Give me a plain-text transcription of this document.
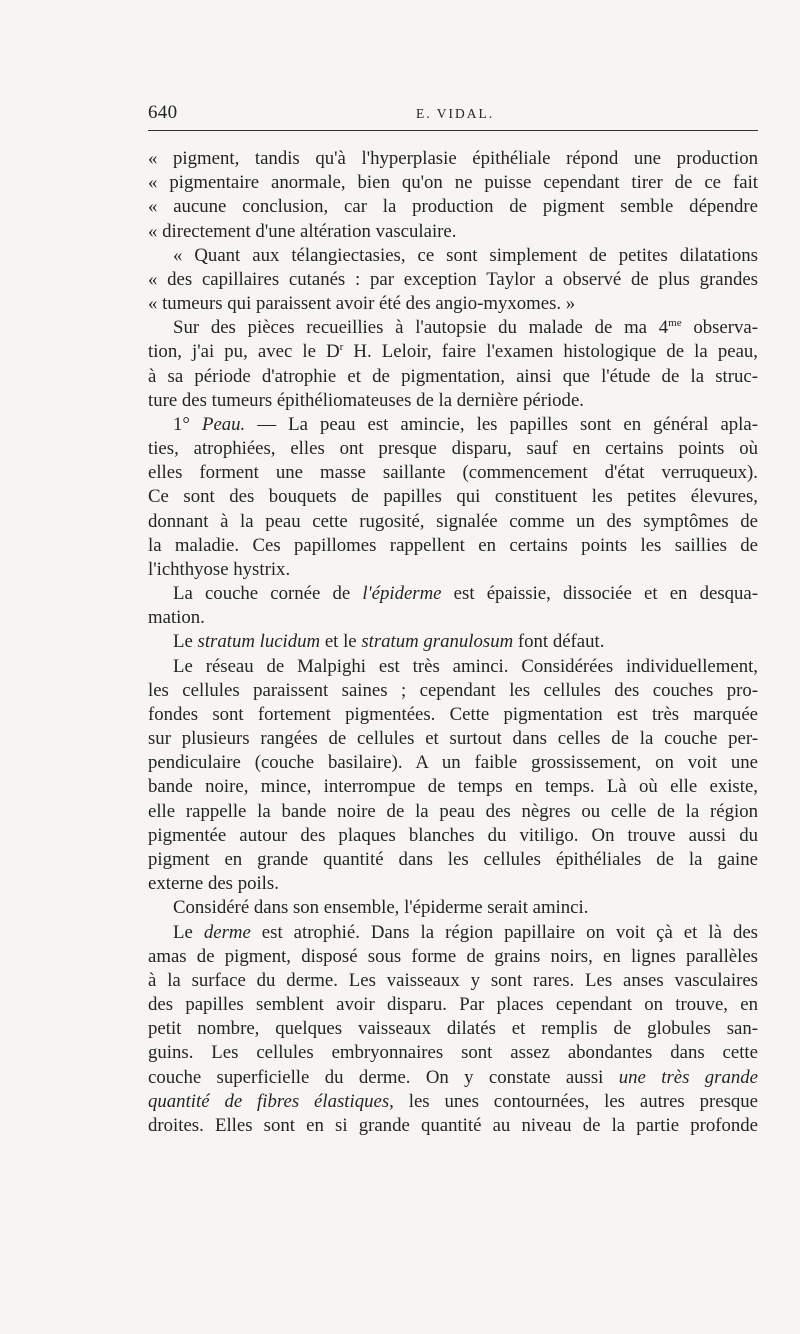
640	E. VIDAL.
« pigment, tandis qu'à l'hyperplasie épithéliale répond une production
« pigmentaire anormale, bien qu'on ne puisse cependant tirer de ce fait
« aucune conclusion, car la production de pigment semble dépendre
« directement d'une altération vasculaire.
« Quant aux télangiectasies, ce sont simplement de petites dilatations
« des capillaires cutanés : par exception Taylor a observé de plus grandes
« tumeurs qui paraissent avoir été des angio-myxomes. »
Sur des pièces recueillies à l'autopsie du malade de ma $4^{me}$ observa-
tion, j'ai pu, avec le $D^r$ H. Leloir, faire l'examen histologique de la peau,
à sa période d'atrophie et de pigmentation, ainsi que l'étude de la struc-
ture des tumeurs épithéliomateuses de la dernière période.
1° Peau. — La peau est amincie, les papilles sont en général apla-
ties, atrophiées, elles ont presque disparu, sauf en certains points où
elles forment une masse saillante (commencement d'état verruqueux).
Ce sont des bouquets de papilles qui constituent les petites élevures,
donnant à la peau cette rugosité, signalée comme un des symptômes de
la maladie. Ces papillomes rappellent en certains points les saillies de
l'ichthyose hystrix.
La couche cornée de l'épiderme est épaissie, dissociée et en desqua-
mation.
Le stratum lucidum et le stratum granulosum font défaut.
Le réseau de Malpighi est très aminci. Considérées individuellement,
les cellules paraissent saines ; cependant les cellules des couches pro-
fondes sont fortement pigmentées. Cette pigmentation est très marquée
sur plusieurs rangées de cellules et surtout dans celles de la couche per-
pendiculaire (couche basilaire). A un faible grossissement, on voit une
bande noire, mince, interrompue de temps en temps. Là où elle existe,
elle rappelle la bande noire de la peau des nègres ou celle de la région
pigmentée autour des plaques blanches du vitiligo. On trouve aussi du
pigment en grande quantité dans les cellules épithéliales de la gaine
externe des poils.
Considéré dans son ensemble, l'épiderme serait aminci.
Le derme est atrophié. Dans la région papillaire on voit çà et là des
amas de pigment, disposé sous forme de grains noirs, en lignes parallèles
à la surface du derme. Les vaisseaux y sont rares. Les anses vasculaires
des papilles semblent avoir disparu. Par places cependant on trouve, en
petit nombre, quelques vaisseaux dilatés et remplis de globules san-
guins. Les cellules embryonnaires sont assez abondantes dans cette
couche superficielle du derme. On y constate aussi une très grande
quantité de fibres élastiques, les unes contournées, les autres presque
droites. Elles sont en si grande quantité au niveau de la partie profonde
